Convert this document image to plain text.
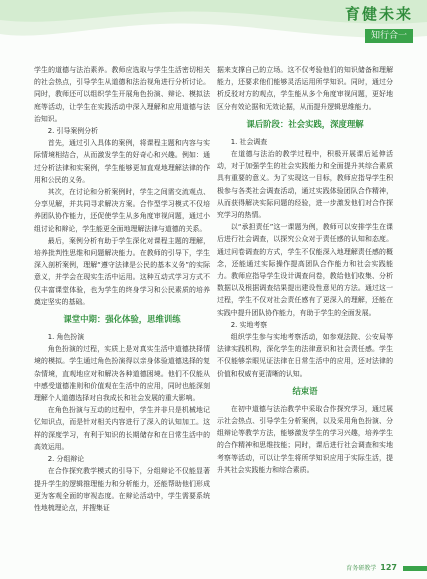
育健未来
知行合一

学生的道德与法治素养。教师应选取与学生生活密切相关的社会热点，引导学生从道德和法治视角进行分析讨论。同时，教师还可以组织学生开展角色扮演、辩论、模拟法庭等活动，让学生在实践活动中深入理解和应用道德与法治知识。

2. 引导案例分析

首先，通过引入具体的案例，将课程主题和内容与实际情境相结合，从而激发学生的好奇心和兴趣。例如：通过分析法律和实案例，学生能够更加直观地理解法律的作用和公民的义务。

其次，在讨论和分析案例时，学生之间需交流观点、分享见解，并共同寻求解决方案。合作型学习模式不仅培养团队协作能力，还促使学生从多角度审视问题，通过小组讨论和辩论，学生能更全面地理解法律与道德的关系。

最后，案例分析有助于学生深化对课程主题的理解，培养批判性思维和问题解决能力。在教师的引导下，学生深入剖析案例，理解“遵守法律是公民的基本义务”的实际意义，并学会在现实生活中运用。这种互动式学习方式不仅丰富课堂体验，也为学生的终身学习和公民素质的培养奠定坚实的基础。

课堂中期：强化体验，思维训练

1. 角色扮演

角色扮演的过程，实质上是对真实生活中道德抉择情境的模拟。学生通过角色扮演得以亲身体验道德选择的复杂情境，直观地应对和解决各种道德困境。他们不仅能从中感受道德准则和价值观在生活中的应用，同时也能深刻理解个人道德选择对自我成长和社会发展的重大影响。

在角色扮演与互动的过程中，学生并非只是机械地记忆知识点，而是针对相关内容进行了深入的认知加工。这样的深度学习，有利于知识的长期储存和在日常生活中的高效运用。

2. 分组辩论

在合作探究教学模式的引导下，分组辩论不仅能显著提升学生的逻辑推理能力和分析能力，还能帮助他们形成更为客观全面的审视态度。在辩论活动中，学生需要系统性地梳理论点，并搜集证

据来支撑自己的立场。这不仅考验他们的知识储备和理解能力，还要求他们能够灵活运用所学知识。同时，通过分析反驳对方的观点，学生能从多个角度审视问题，更好地区分有效论据和无效论据，从而提升逻辑思维能力。

课后阶段：社会实践，深度理解

1. 社会调查

在道德与法治的教学过程中，积极开展课后延伸活动，对于加强学生的社会实践能力和全面提升其综合素质具有重要的意义。为了实现这一目标，教师应指导学生积极参与各类社会调查活动，通过实践体验团队合作精神，从而获得解决实际问题的经验，进一步激发他们对合作探究学习的热情。

以“承担责任”这一课题为例，教师可以安排学生在课后进行社会调查，以探究公众对于责任感的认知和态度。通过问卷调查的方式，学生不仅能深入地理解责任感的概念，还能通过实际操作提高团队合作能力和社会实践能力。教师应指导学生设计调查问卷，教给他们收集、分析数据以及根据调查结果提出建设性意见的方法。通过这一过程，学生不仅对社会责任感有了更深入的理解，还能在实践中提升团队协作能力，有助于学生的全面发展。

2. 实地考察

组织学生参与实地考察活动，如参观法院、公安局等法律实践机构，深化学生的法律意识和社会责任感。学生不仅能够亲眼见证法律在日常生活中的应用，还对法律的价值和权威有更清晰的认知。

结束语

在初中道德与法治教学中采取合作探究学习，通过展示社会热点、引导学生分析案例，以及采用角色扮演、分组辩论等教学方法，能够激发学生的学习兴趣，培养学生的合作精神和思维技能；同时，课后进行社会调查和实地考察等活动，可以让学生将所学知识应用于实际生活，提升其社会实践能力和综合素质。

育务研教学 127
